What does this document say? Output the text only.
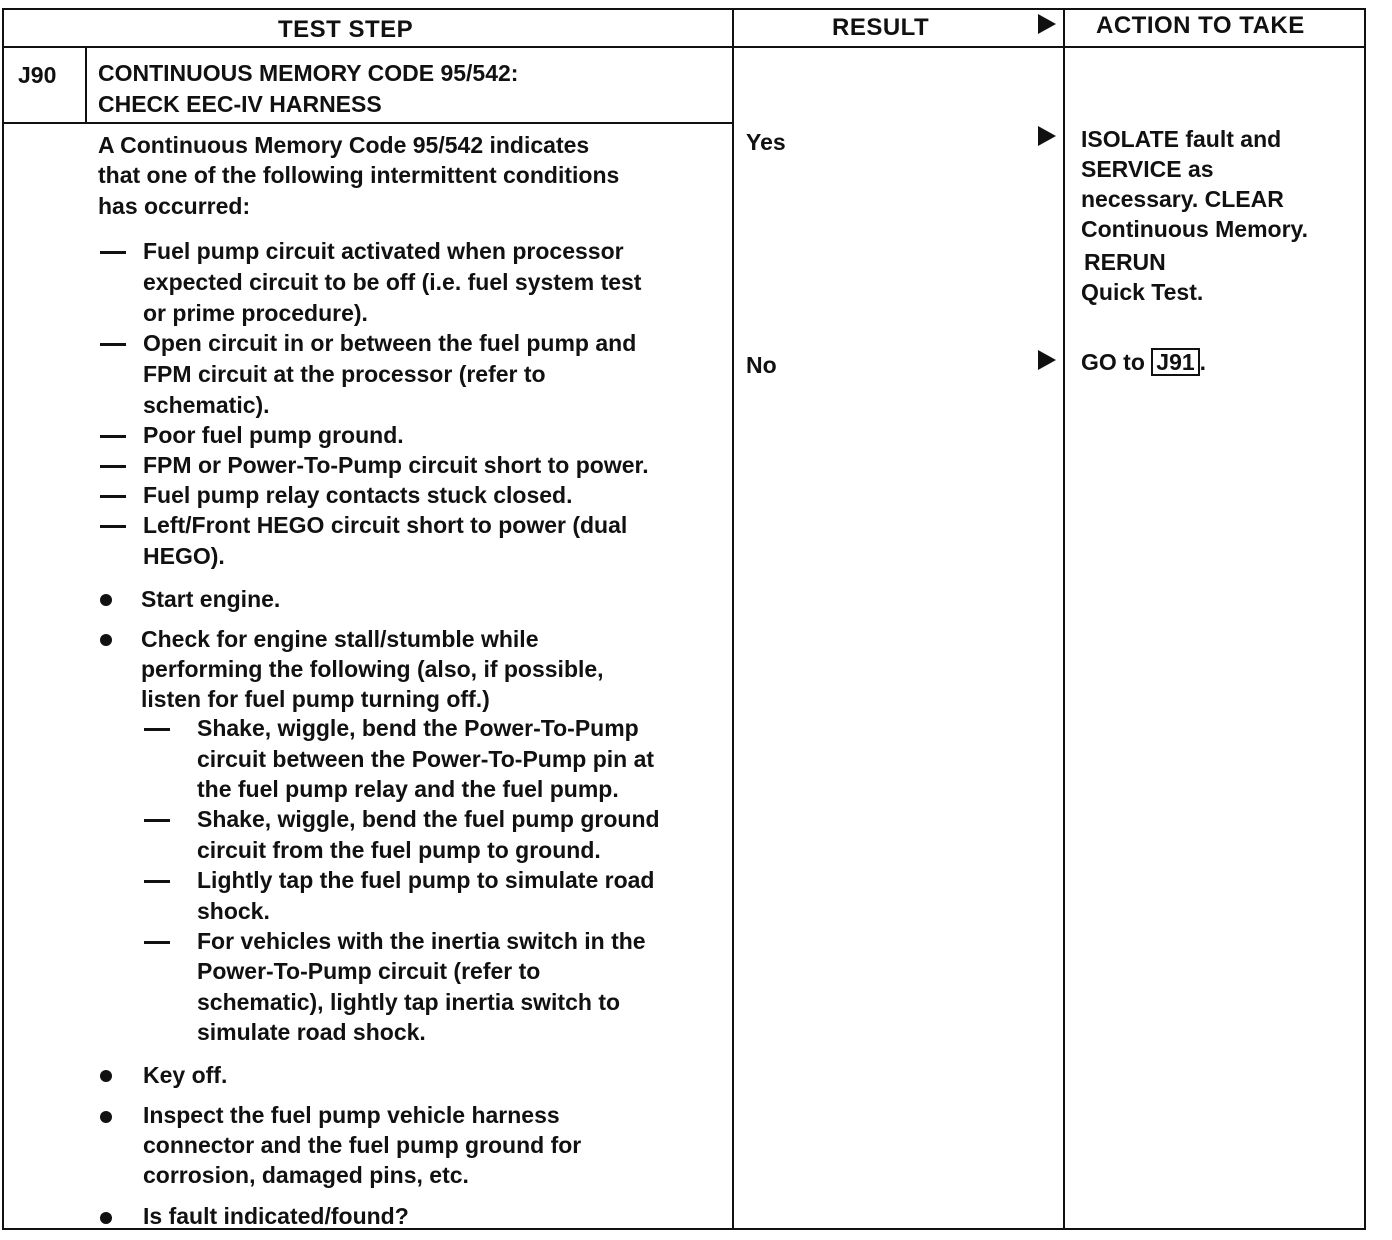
TEST STEP	RESULT	ACTION TO TAKE
J90 CONTINUOUS MEMORY CODE 95/542:
CHECK EEC-IV HARNESS
A Continuous Memory Code 95/542 indicates
that one of the following intermittent conditions
has occurred:
Fuel pump circuit activated when processor
expected circuit to be off (i.e. fuel system test
or prime procedure).
Open circuit in or between the fuel pump and
FPM circuit at the processor (refer to
schematic).
Poor fuel pump ground.
FPM or Power-To-Pump circuit short to power.
Fuel pump relay contacts stuck closed.
Left/Front HEGO circuit short to power (dual
HEGO).
Start engine.
Check for engine stall/stumble while
performing the following (also, if possible,
listen for fuel pump turning off.)
Shake, wiggle, bend the Power-To-Pump
circuit between the Power-To-Pump pin at
the fuel pump relay and the fuel pump.
Shake, wiggle, bend the fuel pump ground
circuit from the fuel pump to ground.
Lightly tap the fuel pump to simulate road
shock.
For vehicles with the inertia switch in the
Power-To-Pump circuit (refer to
schematic), lightly tap inertia switch to
simulate road shock.
Key off.
Inspect the fuel pump vehicle harness
connector and the fuel pump ground for
corrosion, damaged pins, etc.
Is fault indicated/found?
Yes
No
ISOLATE fault and
SERVICE as
necessary. CLEAR
Continuous Memory.
RERUN
Quick Test.
GO to J91 .
